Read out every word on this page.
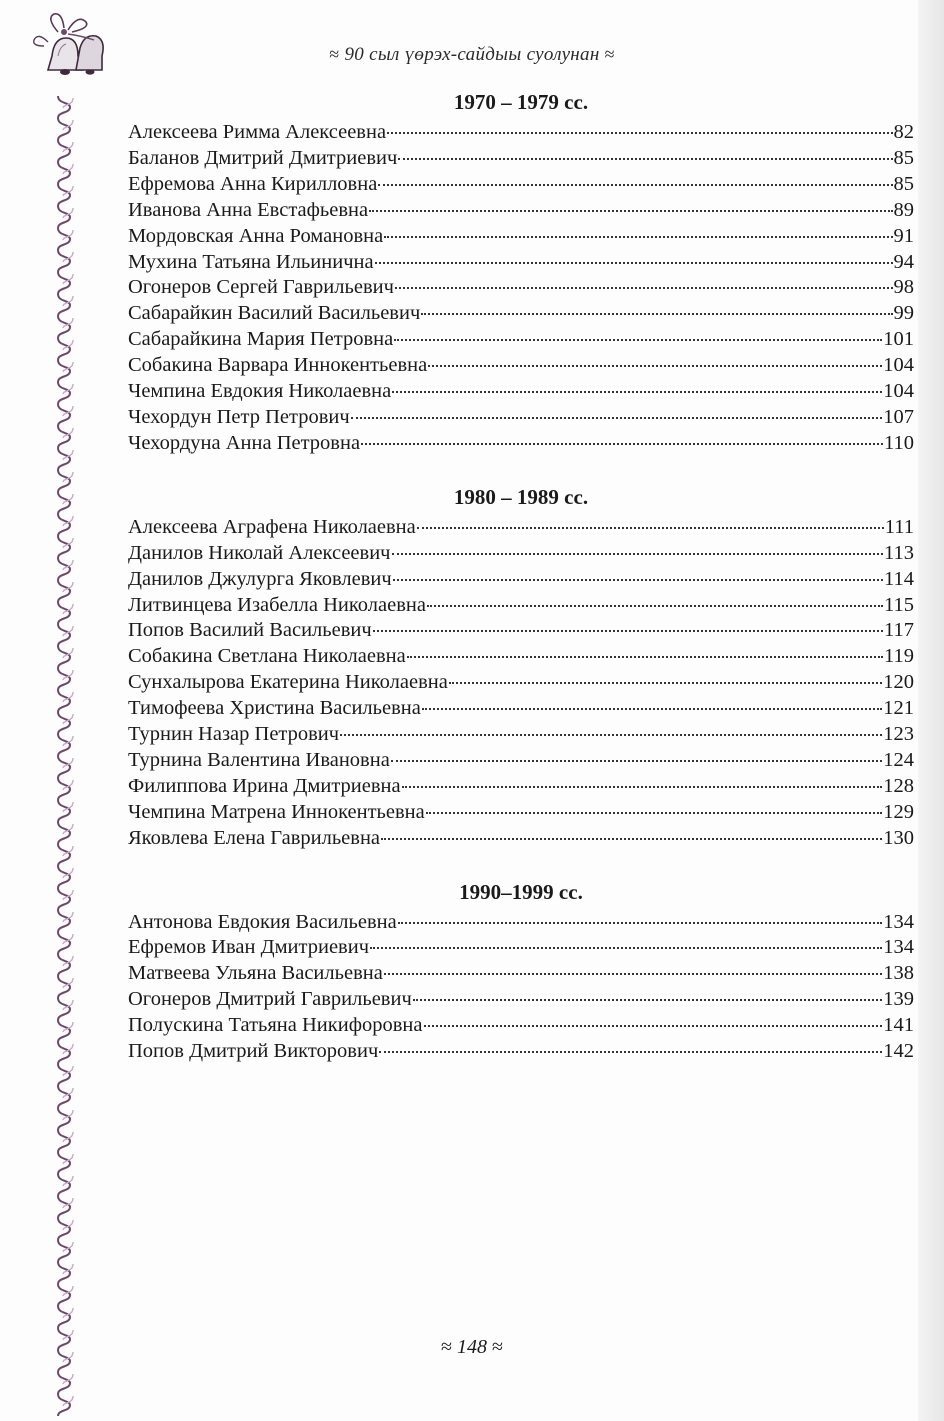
≈ 90 сыл үөрэх-сайдыы суолунан ≈
1970 – 1979 сс.
Алексеева Римма Алексеевна	82
Баланов Дмитрий Дмитриевич	85
Ефремова Анна Кирилловна	85
Иванова Анна Евстафьевна	89
Мордовская Анна Романовна	91
Мухина Татьяна Ильинична	94
Огонеров Сергей Гаврильевич	98
Сабарайкин Василий Васильевич	99
Сабарайкина Мария Петровна	101
Собакина Варвара Иннокентьевна	104
Чемпина Евдокия Николаевна	104
Чехордун Петр Петрович	107
Чехордуна Анна Петровна	110
1980 – 1989 сс.
Алексеева Аграфена Николаевна	111
Данилов Николай Алексеевич	113
Данилов Джулурга Яковлевич	114
Литвинцева Изабелла Николаевна	115
Попов Василий Васильевич	117
Собакина Светлана Николаевна	119
Сунхалырова Екатерина Николаевна	120
Тимофеева Христина Васильевна	121
Турнин Назар Петрович	123
Турнина Валентина Ивановна	124
Филиппова Ирина Дмитриевна	128
Чемпина Матрена Иннокентьевна	129
Яковлева Елена Гаврильевна	130
1990–1999 сс.
Антонова Евдокия Васильевна	134
Ефремов Иван Дмитриевич	134
Матвеева Ульяна Васильевна	138
Огонеров Дмитрий Гаврильевич	139
Полускина Татьяна Никифоровна	141
Попов Дмитрий Викторович	142
≈ 148 ≈
